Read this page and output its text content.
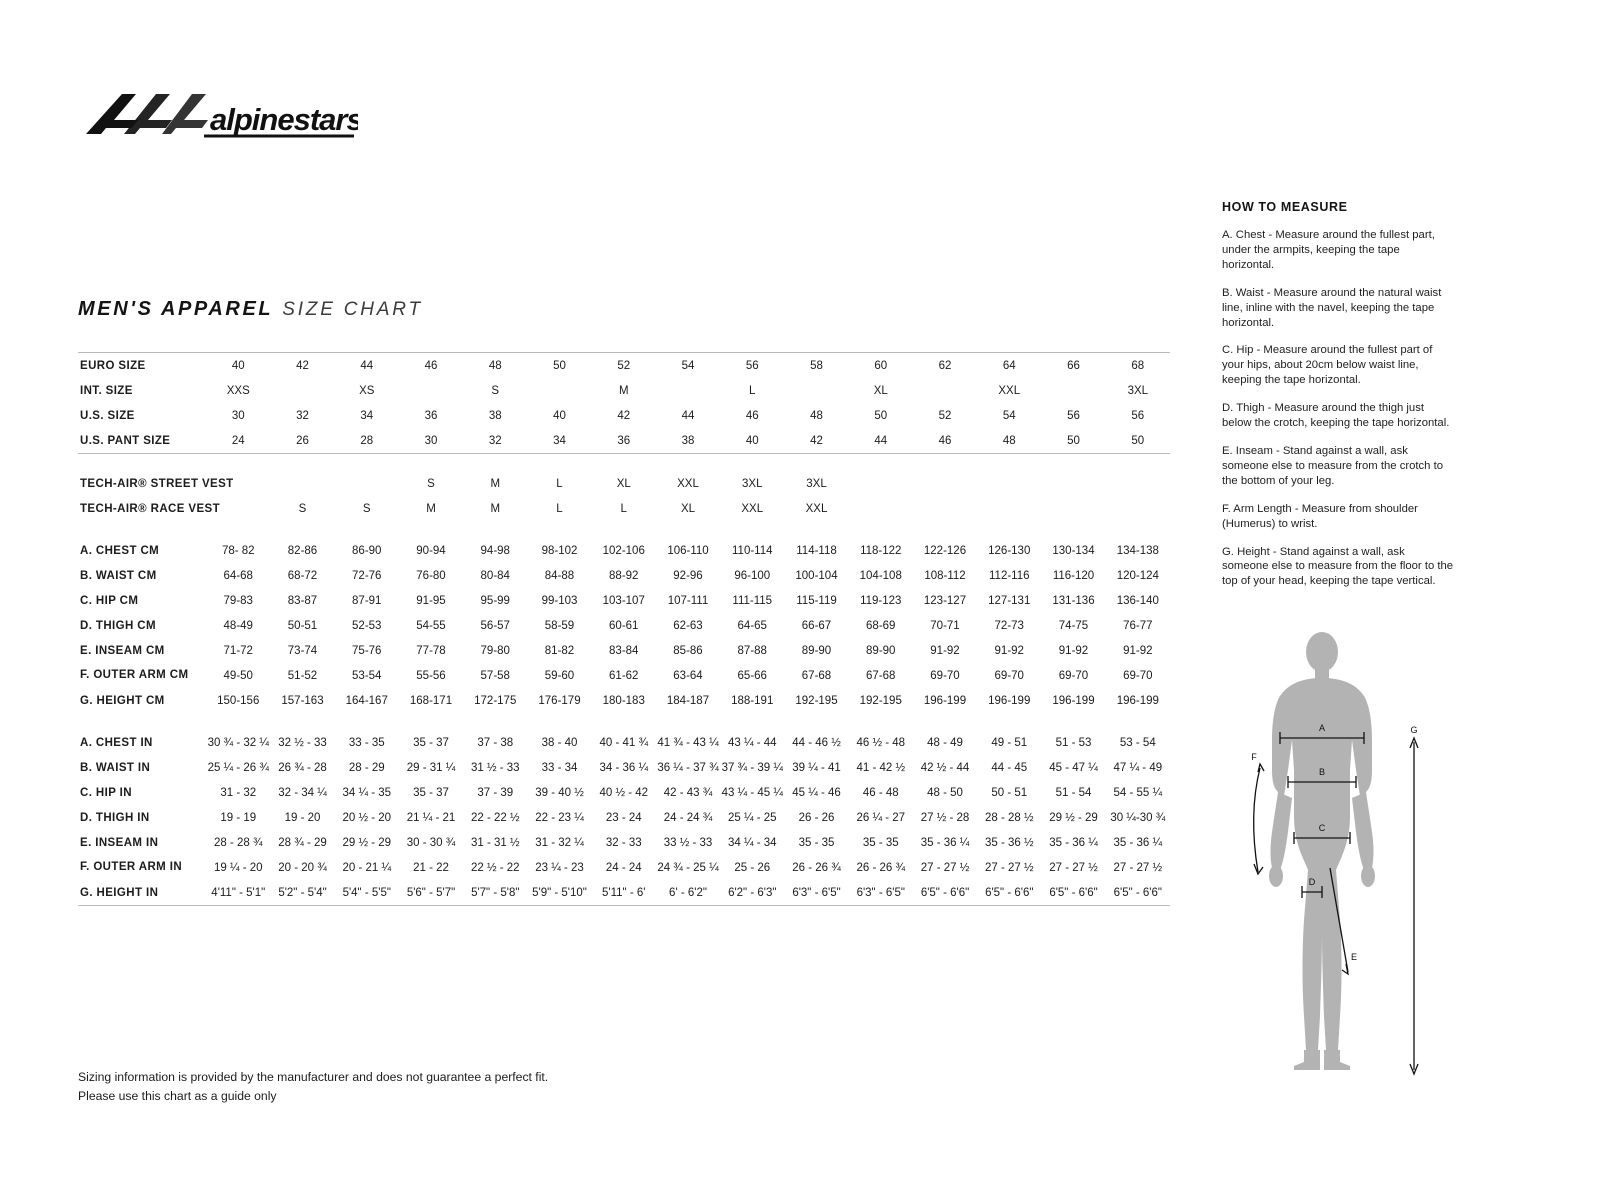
alpinestars
MEN'S APPAREL SIZE CHART
EURO SIZE	40	42	44	46	48	50	52	54	56	58	60	62	64	66	68
INT. SIZE	XXS		XS		S		M		L		XL		XXL		3XL
U.S. SIZE	30	32	34	36	38	40	42	44	46	48	50	52	54	56	56
U.S. PANT SIZE	24	26	28	30	32	34	36	38	40	42	44	46	48	50	50

TECH-AIR® STREET VEST				S	M	L	XL	XXL	3XL	3XL					
TECH-AIR® RACE VEST		S	S	M	M	L	L	XL	XXL	XXL					

A. CHEST CM	78- 82	82-86	86-90	90-94	94-98	98-102	102-106	106-110	110-114	114-118	118-122	122-126	126-130	130-134	134-138
B. WAIST CM	64-68	68-72	72-76	76-80	80-84	84-88	88-92	92-96	96-100	100-104	104-108	108-112	112-116	116-120	120-124
C. HIP CM	79-83	83-87	87-91	91-95	95-99	99-103	103-107	107-111	111-115	115-119	119-123	123-127	127-131	131-136	136-140
D. THIGH CM	48-49	50-51	52-53	54-55	56-57	58-59	60-61	62-63	64-65	66-67	68-69	70-71	72-73	74-75	76-77
E. INSEAM CM	71-72	73-74	75-76	77-78	79-80	81-82	83-84	85-86	87-88	89-90	89-90	91-92	91-92	91-92	91-92
F. OUTER ARM CM	49-50	51-52	53-54	55-56	57-58	59-60	61-62	63-64	65-66	67-68	67-68	69-70	69-70	69-70	69-70
G. HEIGHT CM	150-156	157-163	164-167	168-171	172-175	176-179	180-183	184-187	188-191	192-195	192-195	196-199	196-199	196-199	196-199

A. CHEST IN	30 ¾ - 32 ¼	32 ½ - 33	33 - 35	35 - 37	37 - 38	38 - 40	40 - 41 ¾	41 ¾ - 43 ¼	43 ¼ - 44	44 - 46 ½	46 ½ - 48	48 - 49	49 - 51	51 - 53	53 - 54
B. WAIST IN	25 ¼ - 26 ¾	26 ¾ - 28	28 - 29	29 - 31 ¼	31 ½ - 33	33 - 34	34 - 36 ¼	36 ¼ - 37 ¾	37 ¾ - 39 ¼	39 ¼ - 41	41 - 42 ½	42 ½ - 44	44 - 45	45 - 47 ¼	47 ¼ - 49
C. HIP IN	31 - 32	32 - 34 ¼	34 ¼ - 35	35 - 37	37 - 39	39 - 40 ½	40 ½ - 42	42 - 43 ¾	43 ¼ - 45 ¼	45 ¼ - 46	46 - 48	48 - 50	50 - 51	51 - 54	54 - 55 ¼
D. THIGH IN	19 - 19	19 - 20	20 ½ - 20	21 ¼ - 21	22 - 22 ½	22 - 23 ¼	23 - 24	24 - 24 ¾	25 ¼ - 25	26 - 26	26 ¼ - 27	27 ½ - 28	28 - 28 ½	29 ½ - 29	30 ¼-30 ¾
E. INSEAM IN	28 - 28 ¾	28 ¾ - 29	29 ½ - 29	30 - 30 ¾	31 - 31 ½	31 - 32 ¼	32 - 33	33 ½ - 33	34 ¼ - 34	35 - 35	35 - 35	35 - 36 ¼	35 - 36 ½	35 - 36 ¼	35 - 36 ¼
F. OUTER ARM IN	19 ¼ - 20	20 - 20 ¾	20 - 21 ¼	21 - 22	22 ½ - 22	23 ¼ - 23	24 - 24	24 ¾ - 25 ¼	25 - 26	26 - 26 ¾	26 - 26 ¾	27 - 27 ½	27 - 27 ½	27 - 27 ½	27 - 27 ½
G. HEIGHT IN	4'11" - 5'1"	5'2" - 5'4"	5'4" - 5'5"	5'6" - 5'7"	5'7" - 5'8"	5'9" - 5'10"	5'11" - 6'	6' - 6'2"	6'2" - 6'3"	6'3" - 6'5"	6'3" - 6'5"	6'5" - 6'6"	6'5" - 6'6"	6'5" - 6'6"	6'5" - 6'6"
HOW TO MEASURE

A. Chest - Measure around the fullest part, under the armpits, keeping the tape horizontal.

B. Waist - Measure around the natural waist line, inline with the navel, keeping the tape horizontal.

C. Hip - Measure around the fullest part of your hips, about 20cm below waist line, keeping the tape horizontal.

D. Thigh - Measure around the thigh just below the crotch, keeping the tape horizontal.

E. Inseam - Stand against a wall, ask someone else to measure from the crotch to the bottom of your leg.

F. Arm Length - Measure from shoulder (Humerus) to wrist.

G. Height - Stand against a wall, ask someone else to measure from the floor to the top of your head, keeping the tape vertical.

A
B
C
D
E
F
G
Sizing information is provided by the manufacturer and does not guarantee a perfect fit.
Please use this chart as a guide only
